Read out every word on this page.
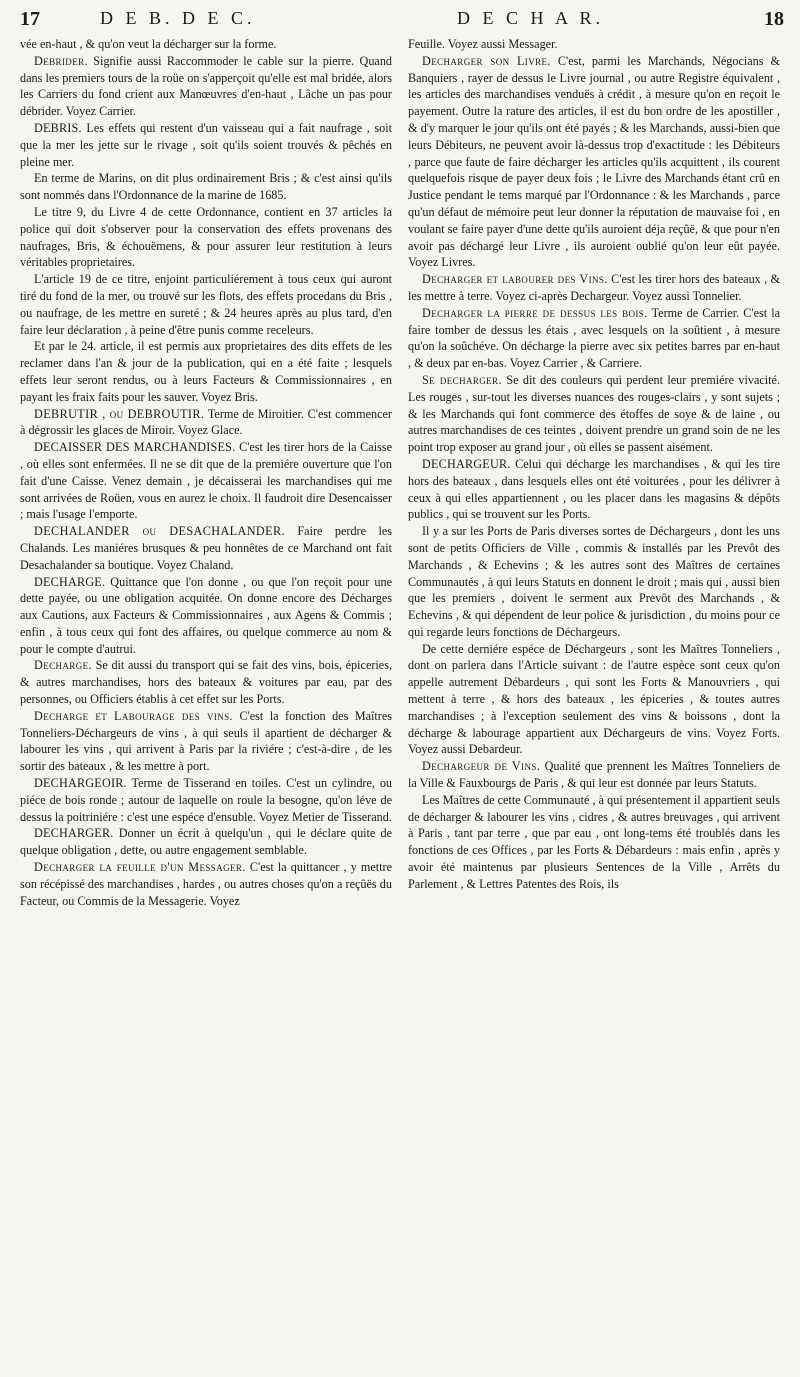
17	D E B. D E C.	D E C H A R.	18

vée en-haut , & qu'on veut la décharger sur la forme.

Debrider. Signifie aussi Raccommoder le cable sur la pierre. Quand dans les premiers tours de la roüe on s'apperçoit qu'elle est mal bridée, alors les Carriers du fond crient aux Manœuvres d'en-haut , Lâche un pas pour débrider. Voyez Carrier.

DEBRIS. Les effets qui restent d'un vaisseau qui a fait naufrage , soit que la mer les jette sur le rivage , soit qu'ils soient trouvés & pêchés en pleine mer.

En terme de Marins, on dit plus ordinairement Bris ; & c'est ainsi qu'ils sont nommés dans l'Ordonnance de la marine de 1685.

Le titre 9, du Livre 4 de cette Ordonnance, contient en 37 articles la police qui doit s'observer pour la conservation des effets provenans des naufrages, Bris, & échouëmens, & pour assurer leur restitution à leurs véritables proprietaires.

L'article 19 de ce titre, enjoint particuliérement à tous ceux qui auront tiré du fond de la mer, ou trouvé sur les flots, des effets procedans du Bris , ou naufrage, de les mettre en sureté ; & 24 heures après au plus tard, d'en faire leur déclaration , à peine d'être punis comme receleurs.

Et par le 24. article, il est permis aux proprietaires des dits effets de les reclamer dans l'an & jour de la publication, qui en a été faite ; lesquels effets leur seront rendus, ou à leurs Facteurs & Commissionnaires , en payant les fraix faits pour les sauver. Voyez Bris.

DEBRUTIR , ou DEBROUTIR. Terme de Miroitier. C'est commencer à dégrossir les glaces de Miroir. Voyez Glace.

DECAISSER DES MARCHANDISES. C'est les tirer hors de la Caisse , où elles sont enfermées. Il ne se dit que de la premiére ouverture que l'on fait d'une Caisse. Venez demain , je décaisserai les marchandises qui me sont arrivées de Roüen, vous en aurez le choix. Il faudroit dire Desencaisser ; mais l'usage l'emporte.

DECHALANDER ou DESACHALANDER. Faire perdre les Chalands. Les maniéres brusques & peu honnêtes de ce Marchand ont fait Desachalander sa boutique. Voyez Chaland.

DECHARGE. Quittance que l'on donne , ou que l'on reçoit pour une dette payée, ou une obligation acquitée. On donne encore des Décharges aux Cautions, aux Facteurs & Commissionnaires , aux Agens & Commis ; enfin , à tous ceux qui font des affaires, ou quelque commerce au nom & pour le compte d'autrui.

Decharge. Se dit aussi du transport qui se fait des vins, bois, épiceries, & autres marchandises, hors des bateaux & voitures par eau, par des personnes, ou Officiers établis à cet effet sur les Ports.

Decharge et Labourage des vins. C'est la fonction des Maîtres Tonneliers-Déchargeurs de vins , à qui seuls il apartient de décharger & labourer les vins , qui arrivent à Paris par la riviére ; c'est-à-dire , de les sortir des bateaux , & les mettre à port.

DECHARGEOIR. Terme de Tisserand en toiles. C'est un cylindre, ou piéce de bois ronde ; autour de laquelle on roule la besogne, qu'on léve de dessus la poitriniére : c'est une espéce d'ensuble. Voyez Metier de Tisserand.

DECHARGER. Donner un écrit à quelqu'un , qui le déclare quite de quelque obligation , dette, ou autre engagement semblable.

Decharger la feuille d'un Messager. C'est la quittancer , y mettre son récépissé des marchandises , hardes , ou autres choses qu'on a reçûës du Facteur, ou Commis de la Messagerie. Voyez

Feuille. Voyez aussi Messager.

Decharger son Livre. C'est, parmi les Marchands, Négocians & Banquiers , rayer de dessus le Livre journal , ou autre Registre équivalent , les articles des marchandises venduës à crédit , à mesure qu'on en reçoit le payement. Outre la rature des articles, il est du bon ordre de les apostiller , & d'y marquer le jour qu'ils ont été payés ; & les Marchands, aussi-bien que leurs Débiteurs, ne peuvent avoir là-dessus trop d'exactitude : les Débiteurs , parce que faute de faire décharger les articles qu'ils acquittent , ils courent quelquefois risque de payer deux fois ; le Livre des Marchands étant crû en Justice pendant le tems marqué par l'Ordonnance : & les Marchands , parce qu'un défaut de mémoire peut leur donner la réputation de mauvaise foi , en voulant se faire payer d'une dette qu'ils auroient déja reçûë, & que pour n'en avoir pas déchargé leur Livre , ils auroient oublié qu'on leur eût payée. Voyez Livres.

Decharger et labourer des Vins. C'est les tirer hors des bateaux , & les mettre à terre. Voyez ci-après Dechargeur. Voyez aussi Tonnelier.

Decharger la pierre de dessus les bois. Terme de Carrier. C'est la faire tomber de dessus les étais , avec lesquels on la soûtient , à mesure qu'on la soûchéve. On décharge la pierre avec six petites barres par en-haut , & deux par en-bas. Voyez Carrier , & Carriere.

Se decharger. Se dit des couleurs qui perdent leur premiére vivacité. Les rouges , sur-tout les diverses nuances des rouges-clairs , y sont sujets ; & les Marchands qui font commerce des étoffes de soye & de laine , ou autres marchandises de ces teintes , doivent prendre un grand soin de ne les point trop exposer au grand jour , où elles se passent aisément.

DECHARGEUR. Celui qui décharge les marchandises , & qui les tire hors des bateaux , dans lesquels elles ont été voiturées , pour les délivrer à ceux à qui elles appartiennent , ou les placer dans les magasins & dépôts publics , qui se trouvent sur les Ports.

Il y a sur les Ports de Paris diverses sortes de Déchargeurs , dont les uns sont de petits Officiers de Ville , commis & installés par les Prevôt des Marchands , & Echevins ; & les autres sont des Maîtres de certaines Communautés , à qui leurs Statuts en donnent le droit ; mais qui , aussi bien que les premiers , doivent le serment aux Prevôt des Marchands , & Echevins , & qui dépendent de leur police & jurisdiction , du moins pour ce qui regarde leurs fonctions de Déchargeurs.

De cette derniére espéce de Déchargeurs , sont les Maîtres Tonneliers , dont on parlera dans l'Article suivant : de l'autre espèce sont ceux qu'on appelle autrement Débardeurs , qui sont les Forts & Manouvriers , qui mettent à terre , & hors des bateaux , les épiceries , & toutes autres marchandises ; à l'exception seulement des vins & boissons , dont la décharge & labourage appartient aux Déchargeurs de vins. Voyez Forts. Voyez aussi Debardeur.

Dechargeur de Vins. Qualité que prennent les Maîtres Tonneliers de la Ville & Fauxbourgs de Paris , & qui leur est donnée par leurs Statuts.

Les Maîtres de cette Communauté , à qui présentement il appartient seuls de décharger & labourer les vins , cidres , & autres breuvages , qui arrivent à Paris , tant par terre , que par eau , ont long-tems été troublés dans les fonctions de ces Offices , par les Forts & Débardeurs : mais enfin , après y avoir été maintenus par plusieurs Sentences de la Ville , Arrêts du Parlement , & Lettres Patentes des Rois, ils
